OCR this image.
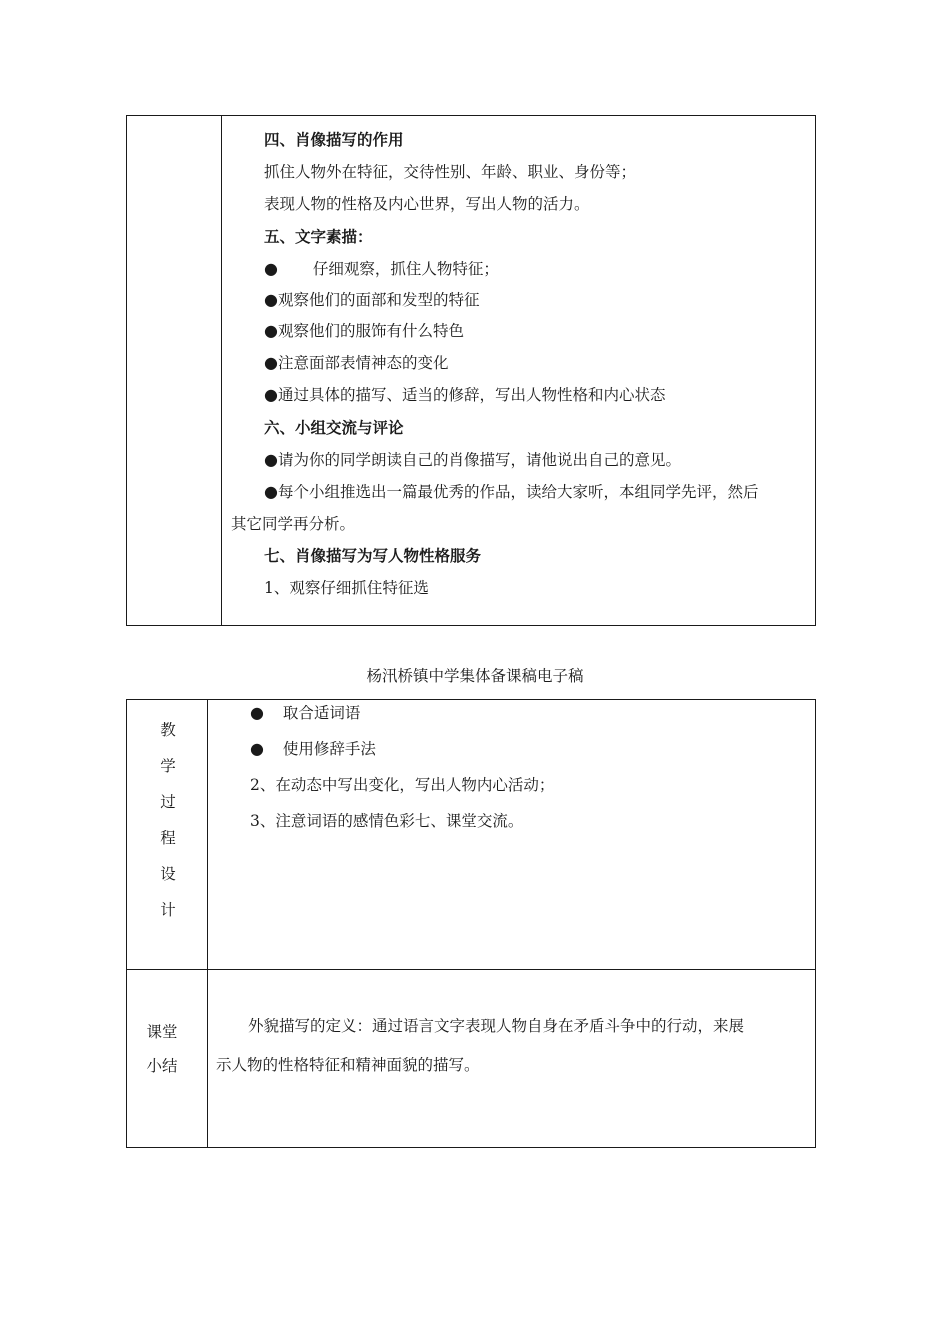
四、肖像描写的作用
抓住人物外在特征，交待性别、年龄、职业、身份等；
表现人物的性格及内心世界，写出人物的活力。
五、文字素描：
● 仔细观察，抓住人物特征；
●观察他们的面部和发型的特征
●观察他们的服饰有什么特色
●注意面部表情神态的变化
●通过具体的描写、适当的修辞，写出人物性格和内心状态
六、小组交流与评论
●请为你的同学朗读自己的肖像描写，请他说出自己的意见。
●每个小组推选出一篇最优秀的作品，读给大家听，本组同学先评，然后
其它同学再分析。
七、肖像描写为写人物性格服务
1、观察仔细抓住特征选
杨汛桥镇中学集体备课稿电子稿
教
学
过
程
设
计
● 取合适词语
● 使用修辞手法
2、在动态中写出变化，写出人物内心活动；
3、注意词语的感情色彩七、课堂交流。
课堂
小结
外貌描写的定义：通过语言文字表现人物自身在矛盾斗争中的行动，来展
示人物的性格特征和精神面貌的描写。
